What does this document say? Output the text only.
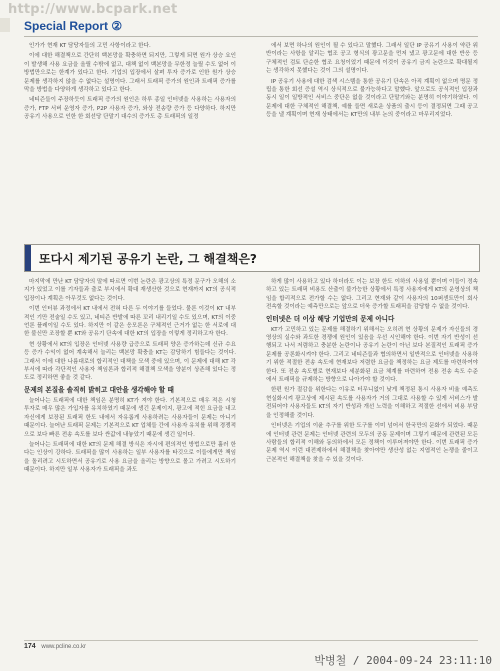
http://www.bcpark.net
Special Report ②

인가가 현재 KT 담당자들의 고민 사항이라고 한다.

이에 대한 해결책으로 간단히 백본망을 확충하면 되지만, 그렇게 되면 원가 상승 요인이 발생해 사용 요금을 올릴 수밖에 없고, 대책 없이 백본망을 무한정 늘릴 수도 없어 이 방법만으로는 한계가 있다고 한다. 기업의 입장에서 살펴 투자 증가로 인한 원가 상승 문제를 생각하지 않을 수 없다는 설명이다. 그래서 트래픽 증가의 원인과 트래픽 증가를 막을 방법을 다양하게 생각하고 있다고 한다.

네티즌들이 주장하듯이 트래픽 증가의 원인은 하루 종일 인터넷을 사용하는 사용자의 증가, FTP 서버 운영자 증가, P2P 사용자 증가, 와상 전송량 증가 등 다양하다. 하지만 공유기 사용으로 인한 한 회선당 단말기 대수의 증가도 총 트래픽의 일정

에서 보면 하나의 원인이 될 수 있다고 말했다. 그래서 일단 IP 공유기 사용이 약관 위반이라는 사항을 알리는 협조 공고 형식의 광고문을 먼저 냈고 광고문에 대한 반응 등 구체적인 검토 단순한 협조 요청이었기 때문에 이것이 공유기 금지 논란으로 확대될지는 생각하지 못했다는 것이 그의 설명이다.

IP 공유기 사용에 대한 검색 시스템을 통한 공유기 단속은 아직 계획이 없으며 명문 정립을 통한 회선 증설 역시 상식적으로 불가능하다고 말했다. 앞으로도 공식적인 입장과 동시 일이 일방적인 서비스 중단은 없을 것이라고 단말기와는 분명히 이야기하였다. 이 문제에 대한 구체적인 해결책, 예를 들면 새로운 상품의 출시 등이 결정되면 그때 공고 등을 낼 계획이며 현재 상태에서는 KT만의 내부 논의 중이라고 마무리지었다.

또다시 제기된 공유기 논란, 그 해결책은?

마지막에 만난 KT 담당자의 말에 따르면 이번 논란은 광고상의 특정 문구가 오해의 소지가 있었고 이를 기자들과 출로 부시에서 확대 재생산한 것으로 현재까지 KT의 공식적 입장이나 계획은 아무것도 없다는 것이다.

이번 인터뷰 과정에서 KT 내에서 전혀 다른 두 이야기를 들었다. 물론 이것이 KT 내부적인 기만 전술일 수도 있고, 네티즌 반발에 따른 꼬리 내리기일 수도 있으며, KT의 이중 언론 플레이일 수도 있다. 하지만 이 같은 응모론은 구체적인 근거가 없는 한 서로에 대한 불신만 조장할 뿐 KT와 공유기 단속에 대한 KT의 입장을 이렇게 정리하고자 한다.

현 상황에서 KT의 입장은 인터넷 사용량 급증으로 트래픽 양은 증가하는데 신규 수요 등 증가 수익이 없어 계속해서 늘리는 백본망 확충을 KT는 감당하기 힘들다는 것이다. 그래서 이에 대한 나름대로의 합리적인 대책을 모색 중에 있으며, 이 문제에 대해 KT 각 부서에 따라 각단적인 사용자 책임론과 합리적 해결책 모색을 양분이 상존해 있다는 정도로 정리하면 좋을 것 같다.

문제의 본질을 솔직히 밝히고 대안을 생각해야 할 때

늘어나는 트래픽에 대한 책임은 분명히 KT가 져야 한다. 기본적으로 매우 적은 시청 투자로 매우 많은 가입자를 유치하였기 때문에 생긴 문제이지, 광고에 적힌 요금을 내고 자신에게 보장된 트래픽 한도 내에서 자유롭게 사용하려는 사용자들이 문제는 아니기 때문이다. 늘어난 트래픽 문제는 기본적으로 KT 업체들 간에 사용자 유치를 위해 경쟁적으로 보다 빠른 전송 속도를 보다 싼값에 내놓았기 때문에 생긴 일이다.

늘어나는 트래픽에 대한 KT의 문제 해결 방식은 자시에 편의적인 방법으로만 흘러 한다는 인상이 강하다. 트래픽을 많이 사용하는 일부 사용자를 타깃으로 이들에게만 책임을 돌리려고 시도하면서 공유기로 사용 요금을 올리는 방향으로 몰고 가려고 시도하기 때문이다. 하지만 일부 사용자가 트래픽을 과도

하게 많이 사용하고 있다 하더라도 이는 보장 한도 이하의 사용일 뿐이며 이들이 정속하고 있는 트래픽 비용도 산출이 불가능한 상황에서 특정 사용자에게 KT의 운영상의 책임을 합리적으로 전가할 수는 없다. 그리고 현재와 같이 사용자의 10퍼센트만이 회사 전속할 것이라는 예측만으로는 앞으로 더욱 증가할 트래픽을 감당할 수 없을 것이다.

인터넷은 더 이상 해당 기업만의 문제 아니다

KT가 고민하고 있는 문제를 해결하기 위해서는 오히려 현 상황의 문제가 자신들의 경영상의 실수와 과도한 경쟁에 원인이 있음을 우선 시인해야 한다. 이번 자기 반성이 선행되고 나서 저렴하고 충분한 논란이나 공유기 논란이 아닌 보다 본질적인 트래픽 증가 문제를 공론화시켜야 한다. 그리고 네티즌들과 협의하면서 일반적으로 인터넷을 사용하기 위한 적절한 전송 속도에 현재보다 저렴한 요금을 책정하는 요금 제도를 마련하여야 한다. 또 전송 속도별로 현재보다 세분화된 요금 체계를 마련하여 전용 전송 속도 수준에서 트래픽을 규제하는 방향으로 나아가야 할 것이다.

한편 원가 절감을 위한다는 이유로 터무니없이 낮게 책정된 통시 사용자 비율 예측도 현실화시켜 광고상에 제시된 속도를 사용자가 거의 그대로 사용할 수 있게 서비스가 발전되어야 사용자들도 KT의 자기 반성과 개선 노력을 이해하고 적절한 선에서 비용 부담을 인정해줄 것이다.

인터넷은 기업의 이윤 추구를 위한 도구를 이미 넘어서 한국만의 문화가 되었다. 때문에 인터넷 관련 문제는 인터넷 관련의 모두의 공동 문제이며 그렇기 때문에 관련된 모든 사람들의 합리적 이해와 동의하에서 모든 정책이 이루어져야만 한다. 이번 트래픽 증가 문제 역시 이런 대전제하에서 해결책을 찾아야만 생산성 없는 지엽적인 논쟁을 줄이고 근본적인 해결책을 찾을 수 있을 것이다.

174 www.pcline.co.kr
박병철 / 2004-09-24 23:11:10
